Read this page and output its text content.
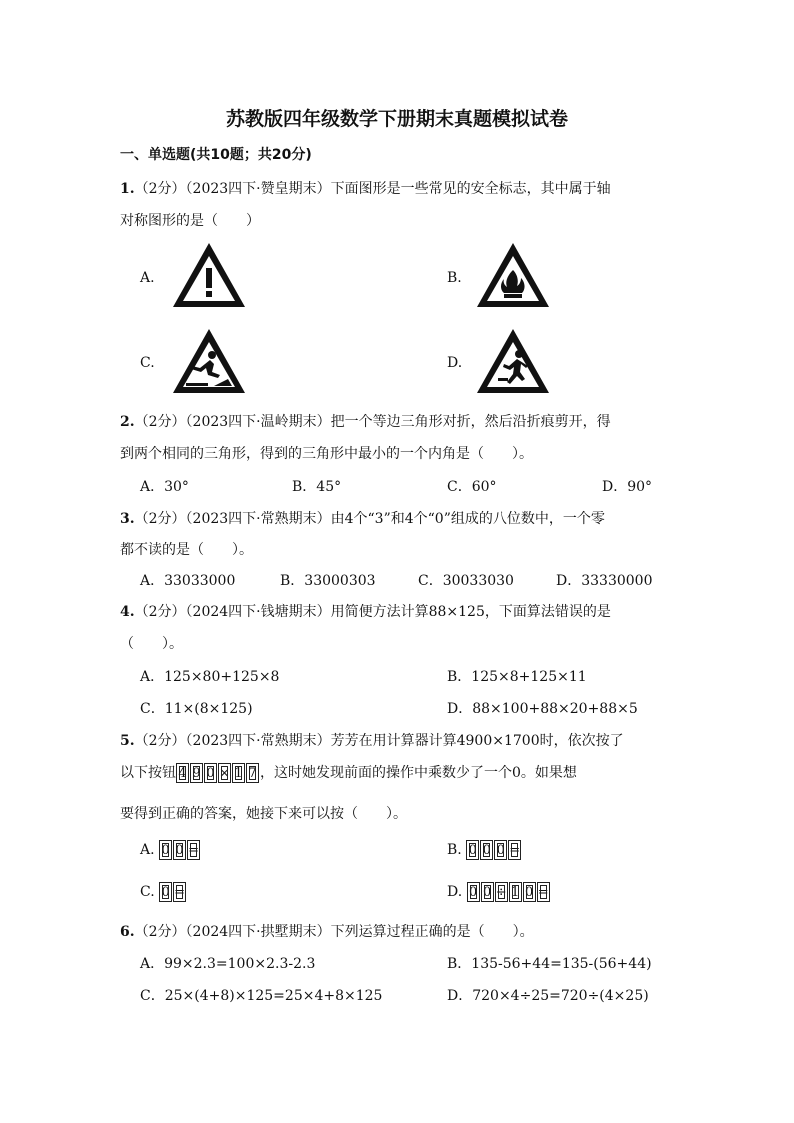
苏教版四年级数学下册期末真题模拟试卷
一、单选题(共10题；共20分)
1.（2分）（2023四下·赞皇期末）下面图形是一些常见的安全标志，其中属于轴
对称图形的是（　　）
A.	B.
C.	D.
2.（2分）（2023四下·温岭期末）把一个等边三角形对折，然后沿折痕剪开，得
到两个相同的三角形，得到的三角形中最小的一个内角是（　　）。
A．30°	B．45°	C．60°	D．90°
3.（2分）（2023四下·常熟期末）由4个“3”和4个“0”组成的八位数中，一个零
都不读的是（　　）。
A．33033000	B．33000303	C．30033030	D．33330000
4.（2分）（2024四下·钱塘期末）用简便方法计算88×125，下面算法错误的是
（　　）。
A．125×80+125×8	B．125×8+125×11
C．11×(8×125)	D．88×100+88×20+88×5
5.（2分）（2023四下·常熟期末）芳芳在用计算器计算4900×1700时，依次按了
以下按钮 4 9 0 × 1 7 ，这时她发现前面的操作中乘数少了一个0。如果想
要得到正确的答案，她接下来可以按（　　）。
A. 0 0 =	B. 0 0 0 =
C. 0 =	D. 0 0 ÷ 1 0 =
6.（2分）（2024四下·拱墅期末）下列运算过程正确的是（　　）。
A．99×2.3=100×2.3-2.3	B．135-56+44=135-(56+44)
C．25×(4+8)×125=25×4+8×125	D．720×4÷25=720÷(4×25)
